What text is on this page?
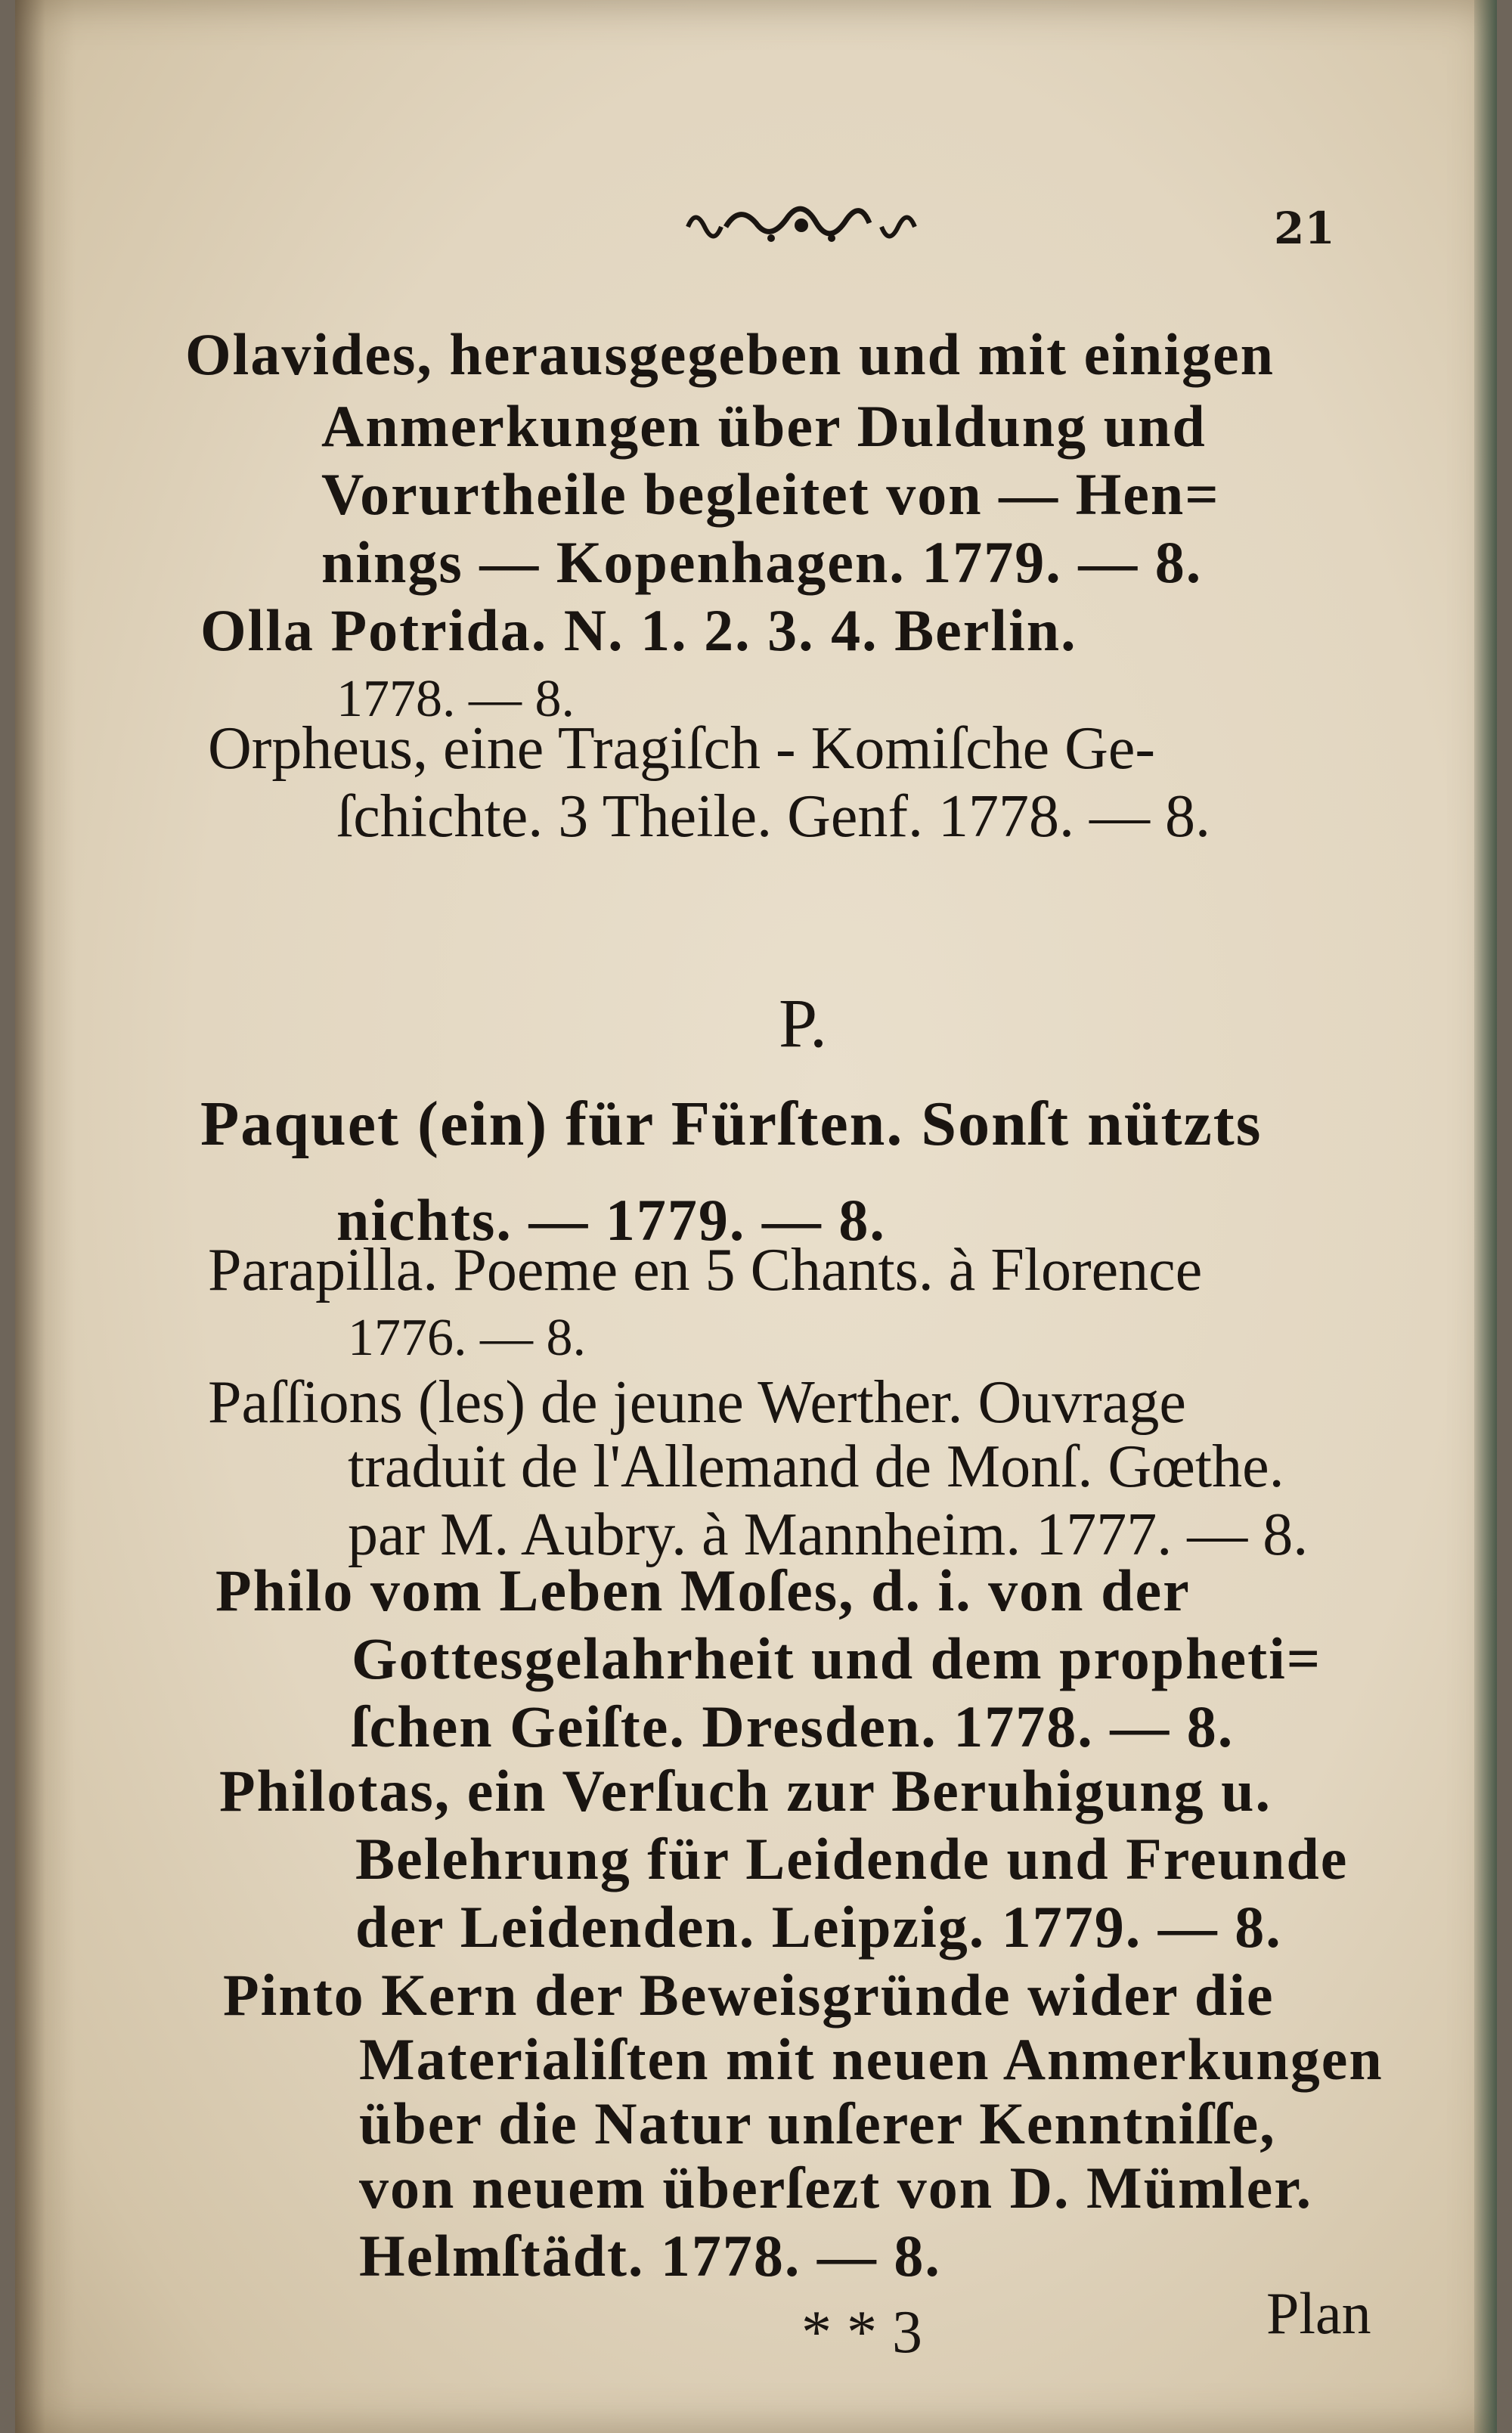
21
Olavides, herausgegeben und mit einigen
Anmerkungen über Duldung und
Vorurtheile begleitet von — Hen=
nings — Kopenhagen. 1779. — 8.
Olla Potrida. N. 1. 2. 3. 4. Berlin.
1778. — 8.
Orpheus, eine Tragiſch - Komiſche Ge-
ſchichte. 3 Theile. Genf. 1778. — 8.
P.
Paquet (ein) für Fürſten. Sonſt nützts
nichts. — 1779. — 8.
Parapilla. Poeme en 5 Chants. à Florence
1776. — 8.
Paſſions (les) de jeune Werther. Ouvrage
traduit de l'Allemand de Monſ. Gœthe.
par M. Aubry. à Mannheim. 1777. — 8.
Philo vom Leben Moſes, d. i. von der
Gottesgelahrheit und dem propheti=
ſchen Geiſte. Dresden. 1778. — 8.
Philotas, ein Verſuch zur Beruhigung u.
Belehrung für Leidende und Freunde
der Leidenden. Leipzig. 1779. — 8.
Pinto Kern der Beweisgründe wider die
Materialiſten mit neuen Anmerkungen
über die Natur unſerer Kenntniſſe,
von neuem überſezt von D. Mümler.
Helmſtädt. 1778. — 8.
* * 3	Plan
